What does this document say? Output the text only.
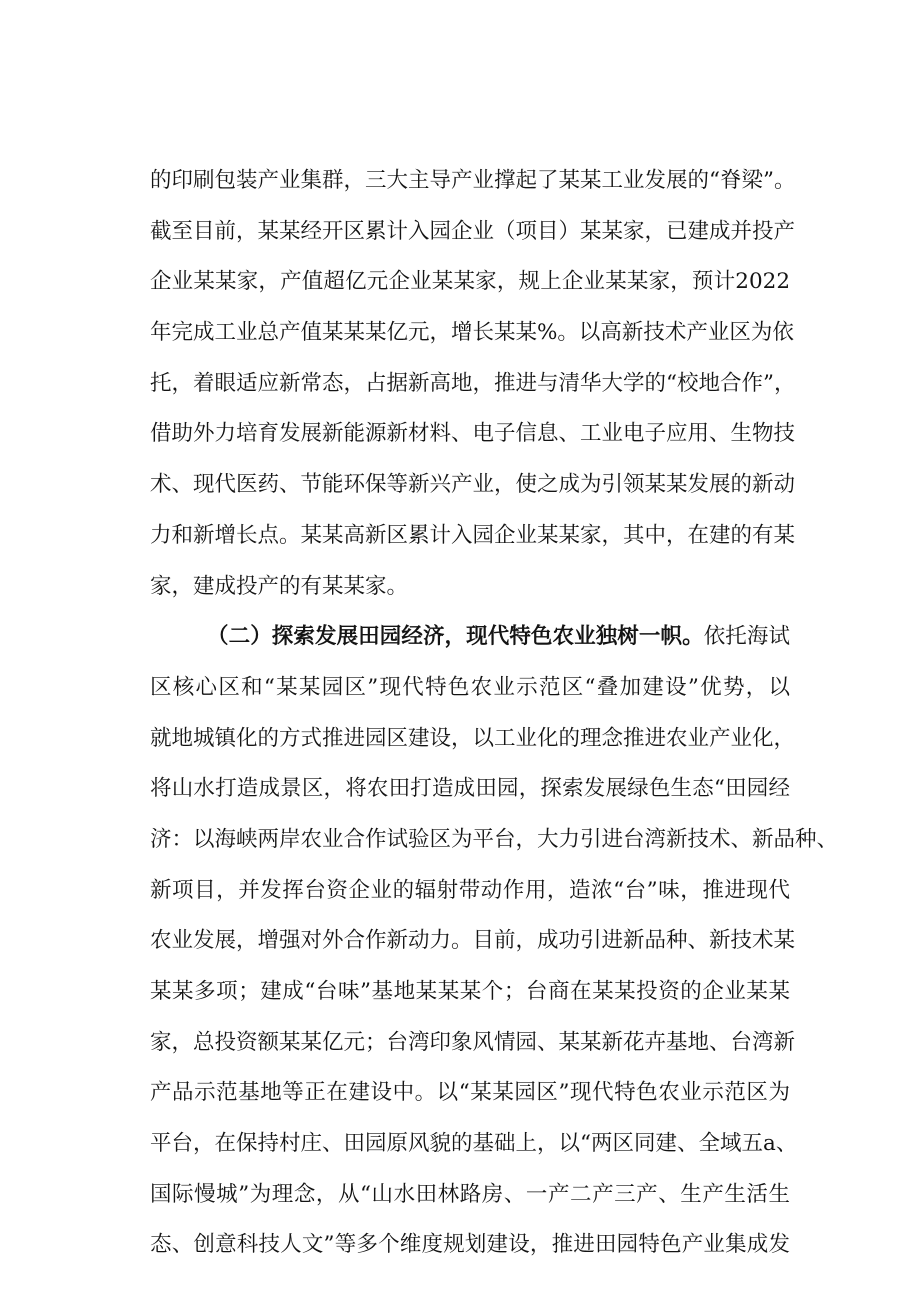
的印刷包装产业集群，三大主导产业撑起了某某工业发展的“脊梁”。
截至目前，某某经开区累计入园企业（项目）某某家，已建成并投产
企业某某家，产值超亿元企业某某家，规上企业某某家，预计2022
年完成工业总产值某某某亿元，增长某某%。以高新技术产业区为依
托，着眼适应新常态，占据新高地，推进与清华大学的“校地合作”，
借助外力培育发展新能源新材料、电子信息、工业电子应用、生物技
术、现代医药、节能环保等新兴产业，使之成为引领某某发展的新动
力和新增长点。某某高新区累计入园企业某某家，其中，在建的有某
家，建成投产的有某某家。
（二）探索发展田园经济，现代特色农业独树一帜。依托海试
区核心区和“某某园区”现代特色农业示范区“叠加建设”优势，以
就地城镇化的方式推进园区建设，以工业化的理念推进农业产业化，
将山水打造成景区，将农田打造成田园，探索发展绿色生态“田园经
济：以海峡两岸农业合作试验区为平台，大力引进台湾新技术、新品种、
新项目，并发挥台资企业的辐射带动作用，造浓“台”味，推进现代
农业发展，增强对外合作新动力。目前，成功引进新品种、新技术某
某某多项；建成“台味”基地某某某个；台商在某某投资的企业某某
家，总投资额某某亿元；台湾印象风情园、某某新花卉基地、台湾新
产品示范基地等正在建设中。以“某某园区”现代特色农业示范区为
平台，在保持村庄、田园原风貌的基础上，以“两区同建、全域五a、
国际慢城”为理念，从“山水田林路房、一产二产三产、生产生活生
态、创意科技人文”等多个维度规划建设，推进田园特色产业集成发
